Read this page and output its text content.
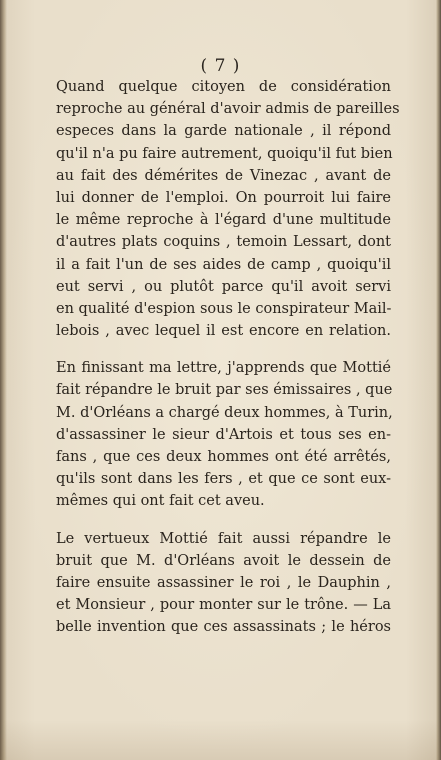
( 7 )
Quand quelque citoyen de considération
reproche au général d'avoir admis de pareilles
especes dans la garde nationale , il répond
qu'il n'a pu faire autrement, quoiqu'il fut bien
au fait des démérites de Vinezac , avant de
lui donner de l'emploi. On pourroit lui faire
le même reproche à l'égard d'une multitude
d'autres plats coquins , temoin Lessart, dont
il a fait l'un de ses aides de camp , quoiqu'il
eut servi , ou plutôt parce qu'il avoit servi
en qualité d'espion sous le conspirateur Mail-
lebois , avec lequel il est encore en relation.
En finissant ma lettre, j'apprends que Mottié
fait répandre le bruit par ses émissaires , que
M. d'Orléans a chargé deux hommes, à Turin,
d'assassiner le sieur d'Artois et tous ses en-
fans , que ces deux hommes ont été arrêtés,
qu'ils sont dans les fers , et que ce sont eux-
mêmes qui ont fait cet aveu.
Le vertueux Mottié fait aussi répandre le
bruit que M. d'Orléans avoit le dessein de
faire ensuite assassiner le roi , le Dauphin ,
et Monsieur , pour monter sur le trône. — La
belle invention que ces assassinats ; le héros
